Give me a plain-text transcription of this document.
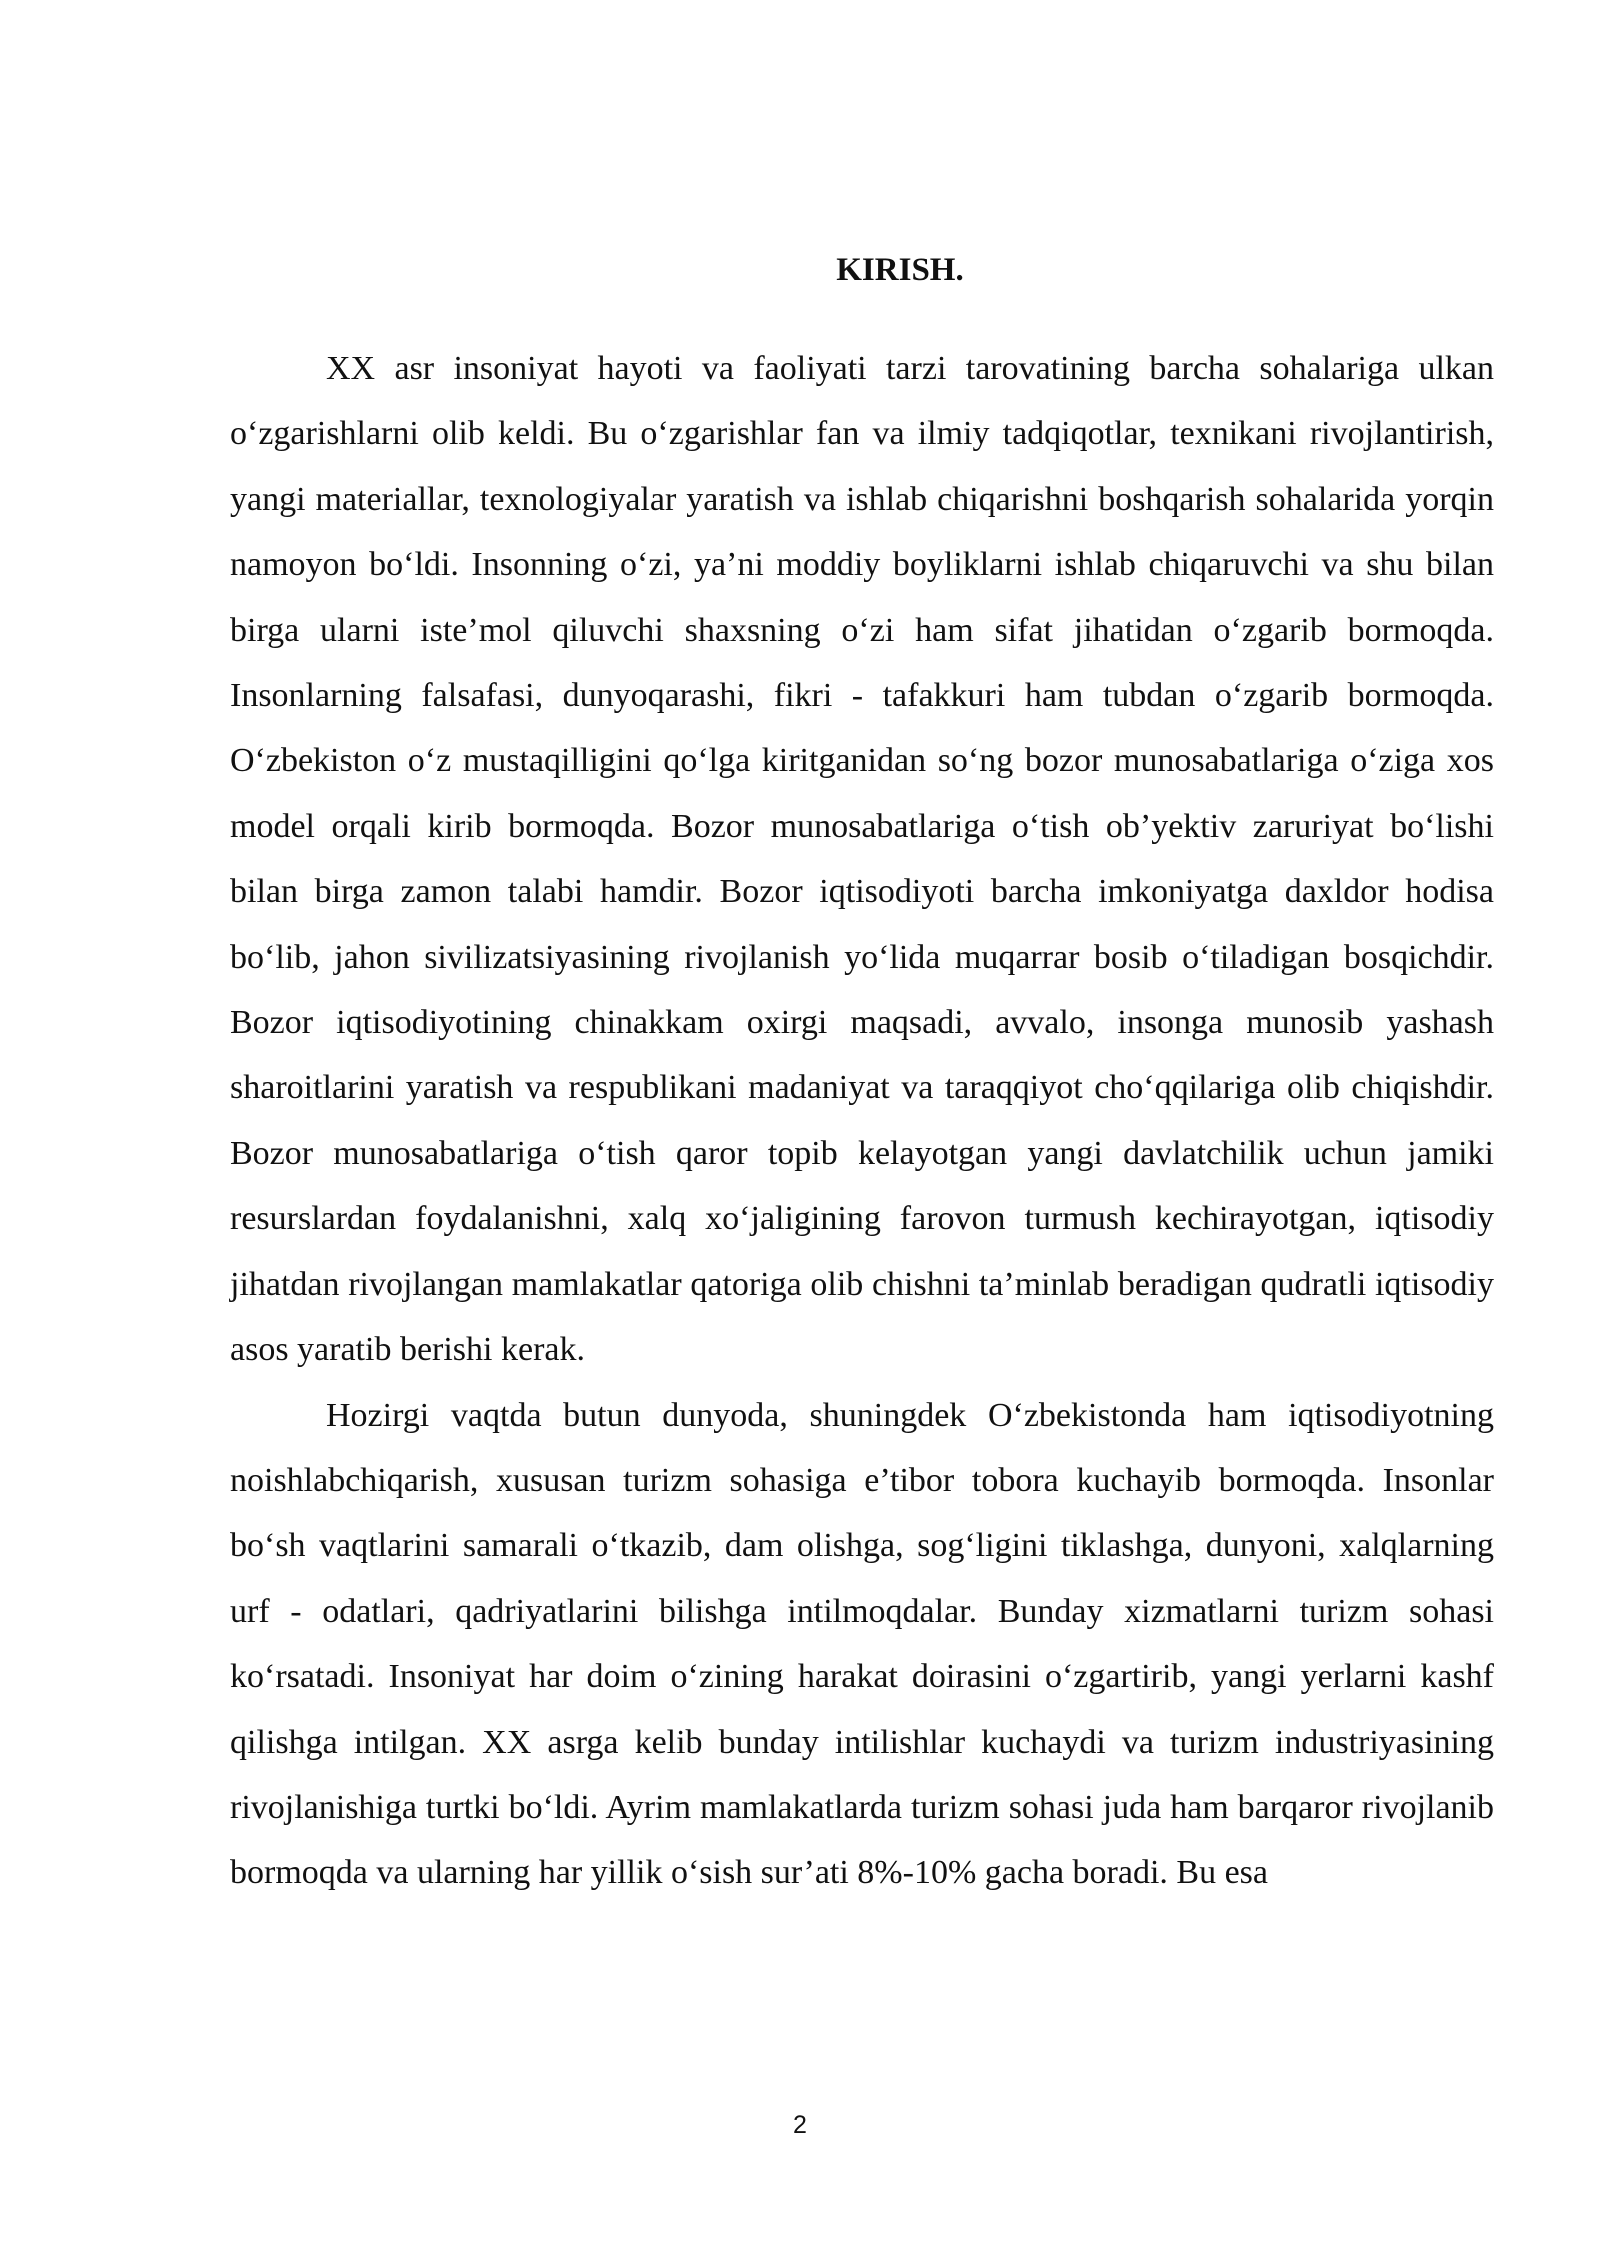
KIRISH.

XX asr insoniyat hayoti va faoliyati tarzi tarovatining barcha sohalariga ulkan o‘zgarishlarni olib keldi. Bu o‘zgarishlar fan va ilmiy tadqiqotlar, texnikani rivojlantirish, yangi materiallar, texnologiyalar yaratish va ishlab chiqarishni boshqarish sohalarida yorqin namoyon bo‘ldi. Insonning o‘zi, ya’ni moddiy boyliklarni ishlab chiqaruvchi va shu bilan birga ularni iste’mol qiluvchi shaxsning o‘zi ham sifat jihatidan o‘zgarib bormoqda. Insonlarning falsafasi, dunyoqarashi, fikri - tafakkuri ham tubdan o‘zgarib bormoqda. O‘zbekiston o‘z mustaqilligini qo‘lga kiritganidan so‘ng bozor munosabatlariga o‘ziga xos model orqali kirib bormoqda. Bozor munosabatlariga o‘tish ob’yektiv zaruriyat bo‘lishi bilan birga zamon talabi hamdir. Bozor iqtisodiyoti barcha imkoniyatga daxldor hodisa bo‘lib, jahon sivilizatsiyasining rivojlanish yo‘lida muqarrar bosib o‘tiladigan bosqichdir. Bozor iqtisodiyotining chinakkam oxirgi maqsadi, avvalo, insonga munosib yashash sharoitlarini yaratish va respublikani madaniyat va taraqqiyot cho‘qqilariga olib chiqishdir. Bozor munosabatlariga o‘tish qaror topib kelayotgan yangi davlatchilik uchun jamiki resurslardan foydalanishni, xalq xo‘jaligining farovon turmush kechirayotgan, iqtisodiy jihatdan rivojlangan mamlakatlar qatoriga olib chishni ta’minlab beradigan qudratli iqtisodiy asos yaratib berishi kerak.

Hozirgi vaqtda butun dunyoda, shuningdek O‘zbekistonda ham iqtisodiyotning noishlabchiqarish, xususan turizm sohasiga e’tibor tobora kuchayib bormoqda. Insonlar bo‘sh vaqtlarini samarali o‘tkazib, dam olishga, sog‘ligini tiklashga, dunyoni, xalqlarning urf - odatlari, qadriyatlarini bilishga intilmoqdalar. Bunday xizmatlarni turizm sohasi ko‘rsatadi. Insoniyat har doim o‘zining harakat doirasini o‘zgartirib, yangi yerlarni kashf qilishga intilgan. XX asrga kelib bunday intilishlar kuchaydi va turizm industriyasining rivojlanishiga turtki bo‘ldi. Ayrim mamlakatlarda turizm sohasi juda ham barqaror rivojlanib bormoqda va ularning har yillik o‘sish sur’ati 8%-10% gacha boradi. Bu esa

2
